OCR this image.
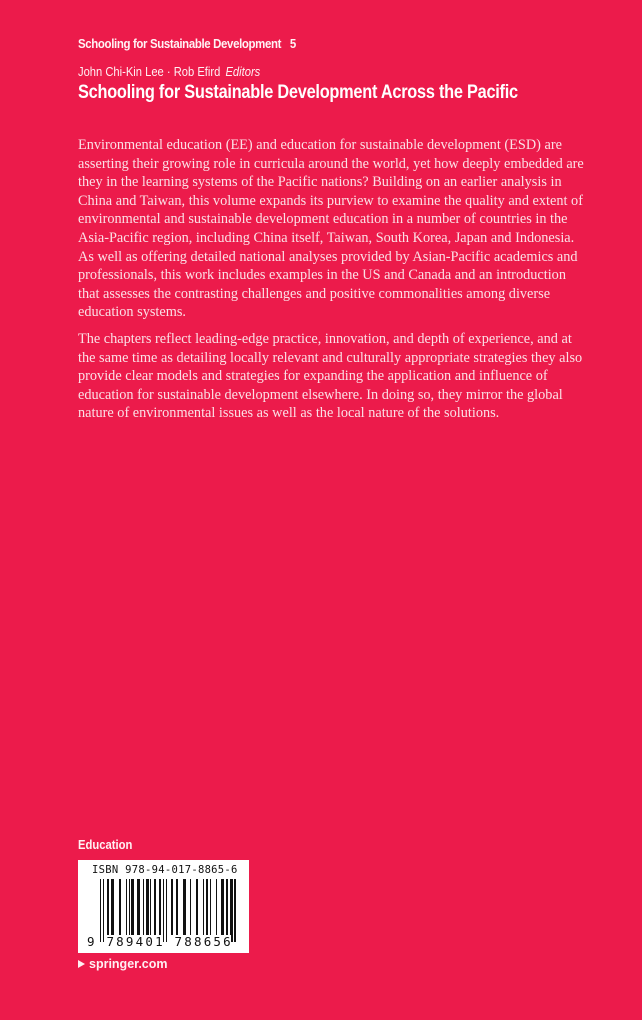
Schooling for Sustainable Development 5
John Chi-Kin Lee · Rob Efird Editors
Schooling for Sustainable Development Across the Pacific

Environmental education (EE) and education for sustainable development (ESD) are asserting their growing role in curricula around the world, yet how deeply embedded are they in the learning systems of the Pacific nations? Building on an earlier analysis in China and Taiwan, this volume expands its purview to examine the quality and extent of environmental and sustainable development education in a number of countries in the Asia-Pacific region, including China itself, Taiwan, South Korea, Japan and Indonesia. As well as offering detailed national analyses provided by Asian-Pacific academics and professionals, this work includes examples in the US and Canada and an introduction that assesses the contrasting challenges and positive commonalities among diverse education systems.

The chapters reflect leading-edge practice, innovation, and depth of experience, and at the same time as detailing locally relevant and culturally appropriate strategies they also provide clear models and strategies for expanding the application and influence of education for sustainable development elsewhere. In doing so, they mirror the global nature of environmental issues as well as the local nature of the solutions.

Education
ISBN 978-94-017-8865-6
9 789401 788656
springer.com
